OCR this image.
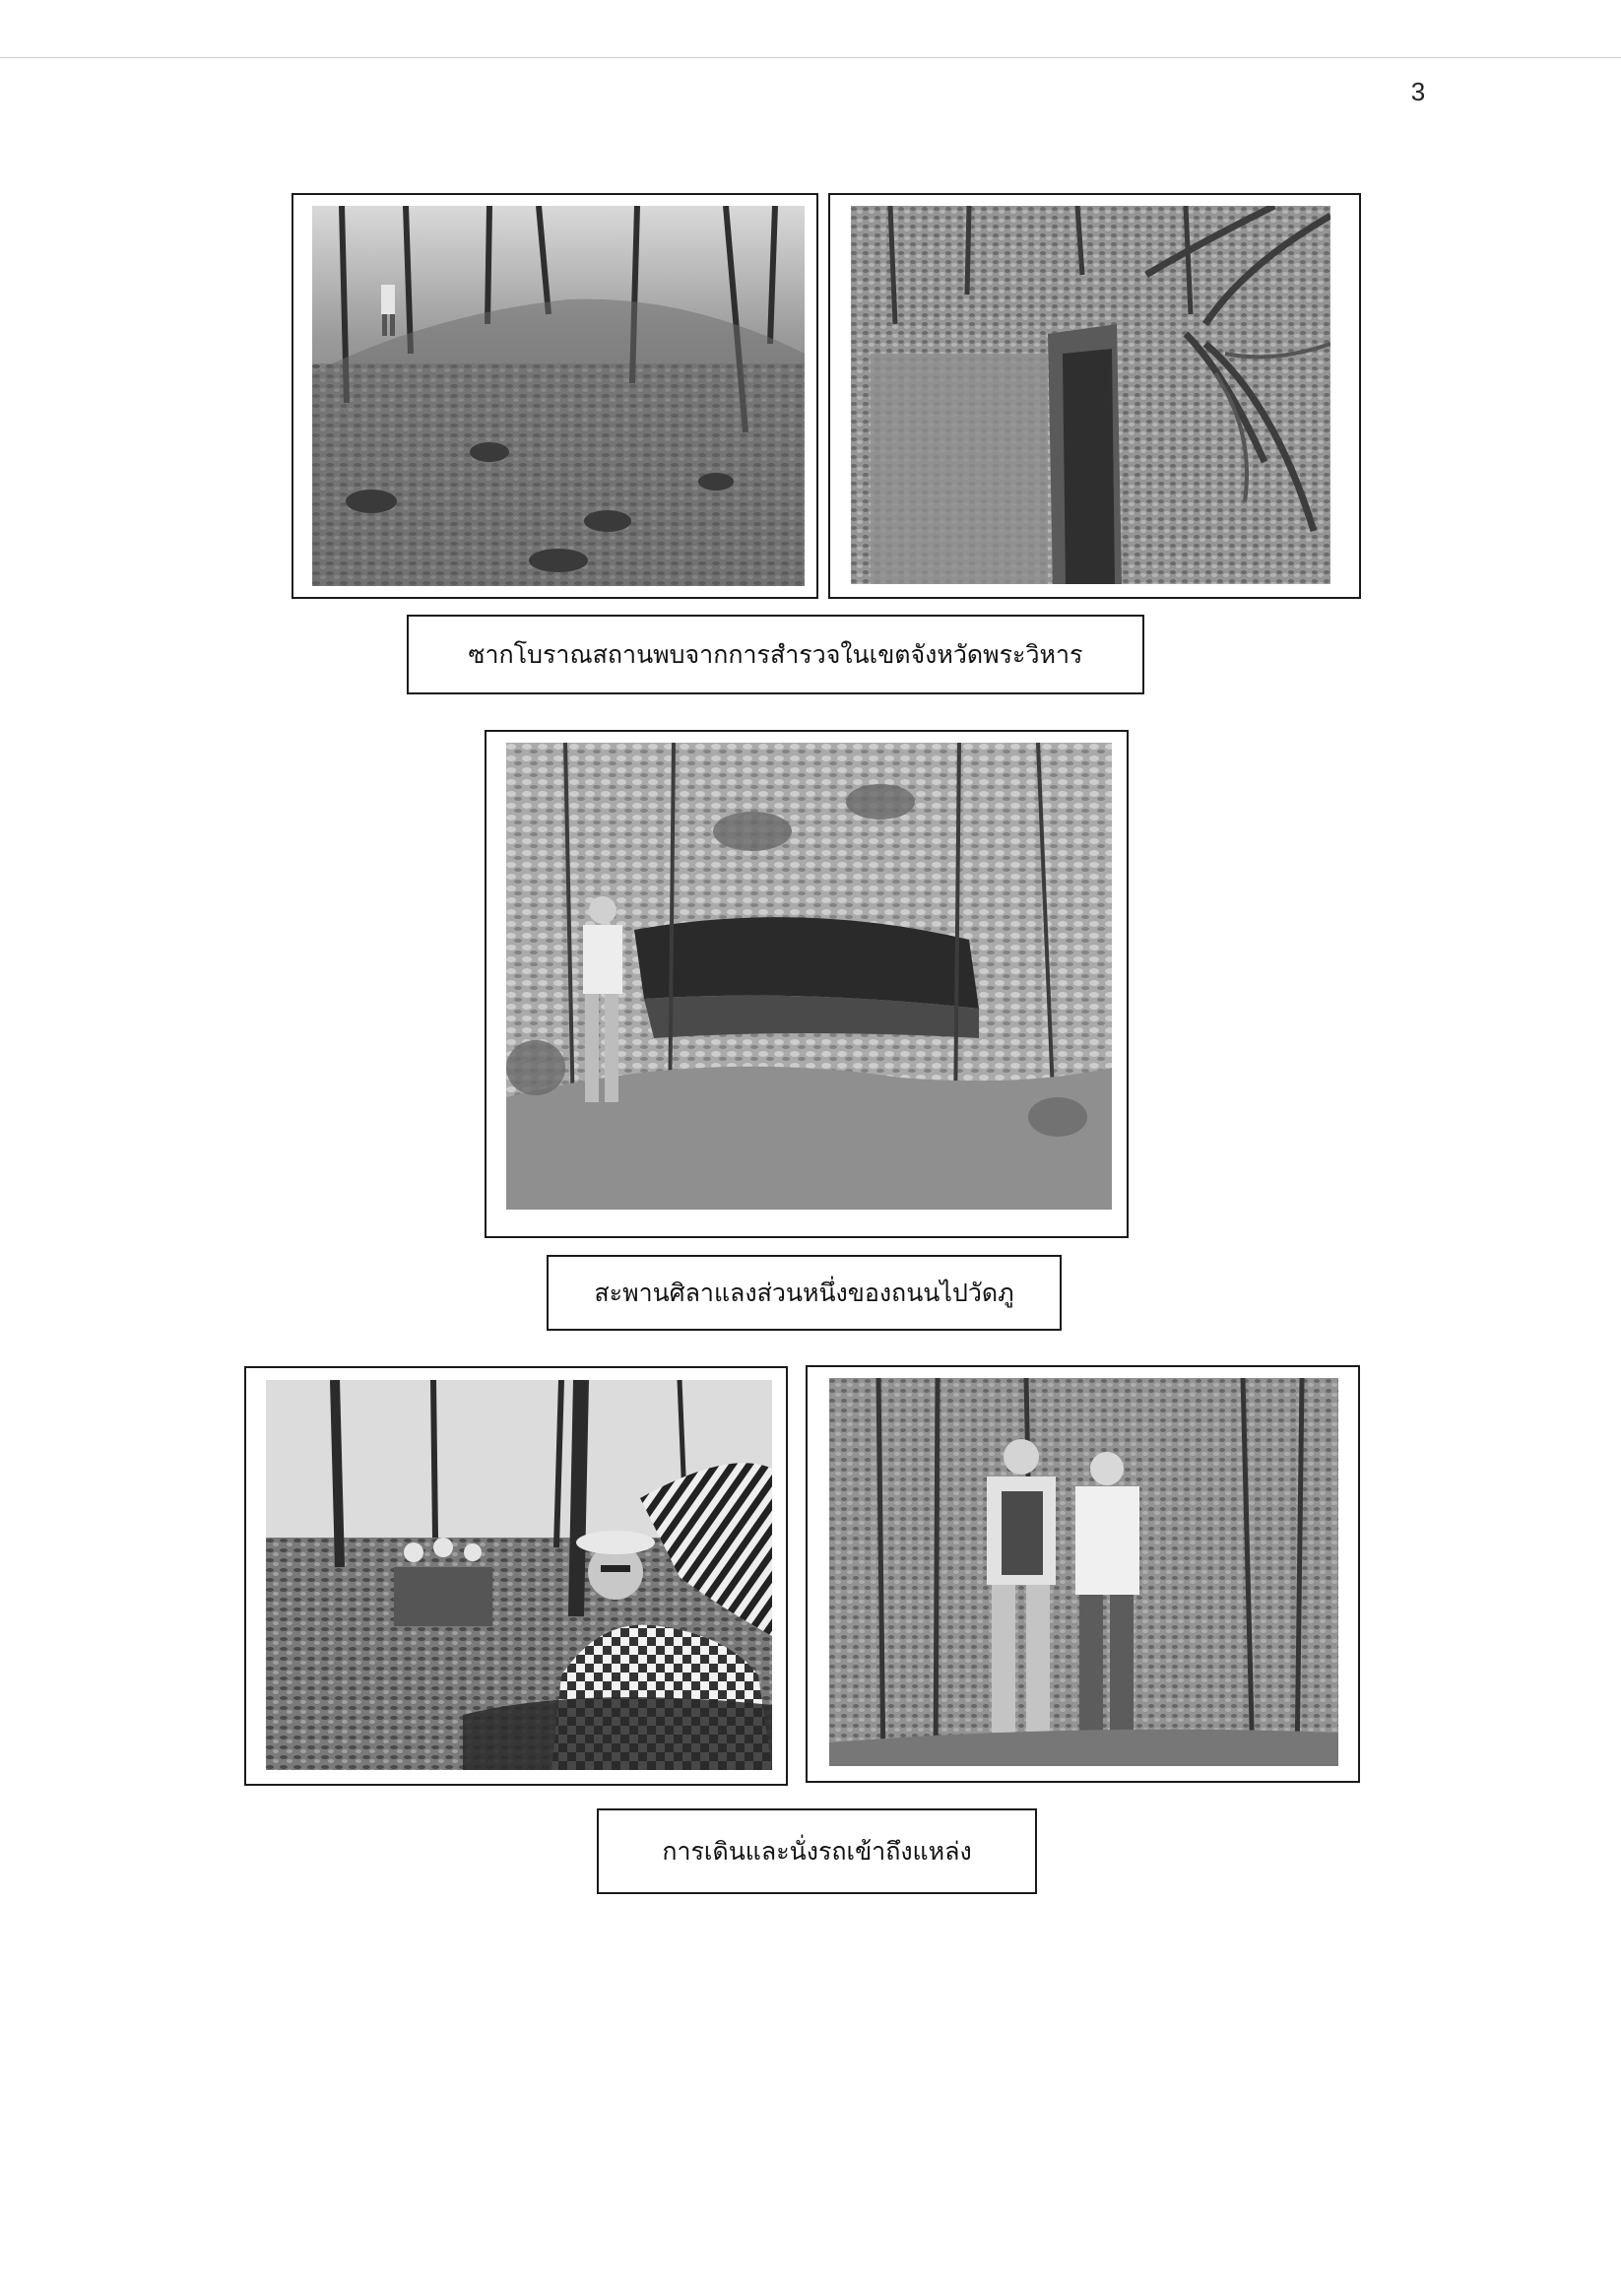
3
ซากโบราณสถานพบจากการสำรวจในเขตจังหวัดพระวิหาร
สะพานศิลาแลงส่วนหนึ่งของถนนไปวัดภู
การเดินและนั่งรถเข้าถึงแหล่ง
